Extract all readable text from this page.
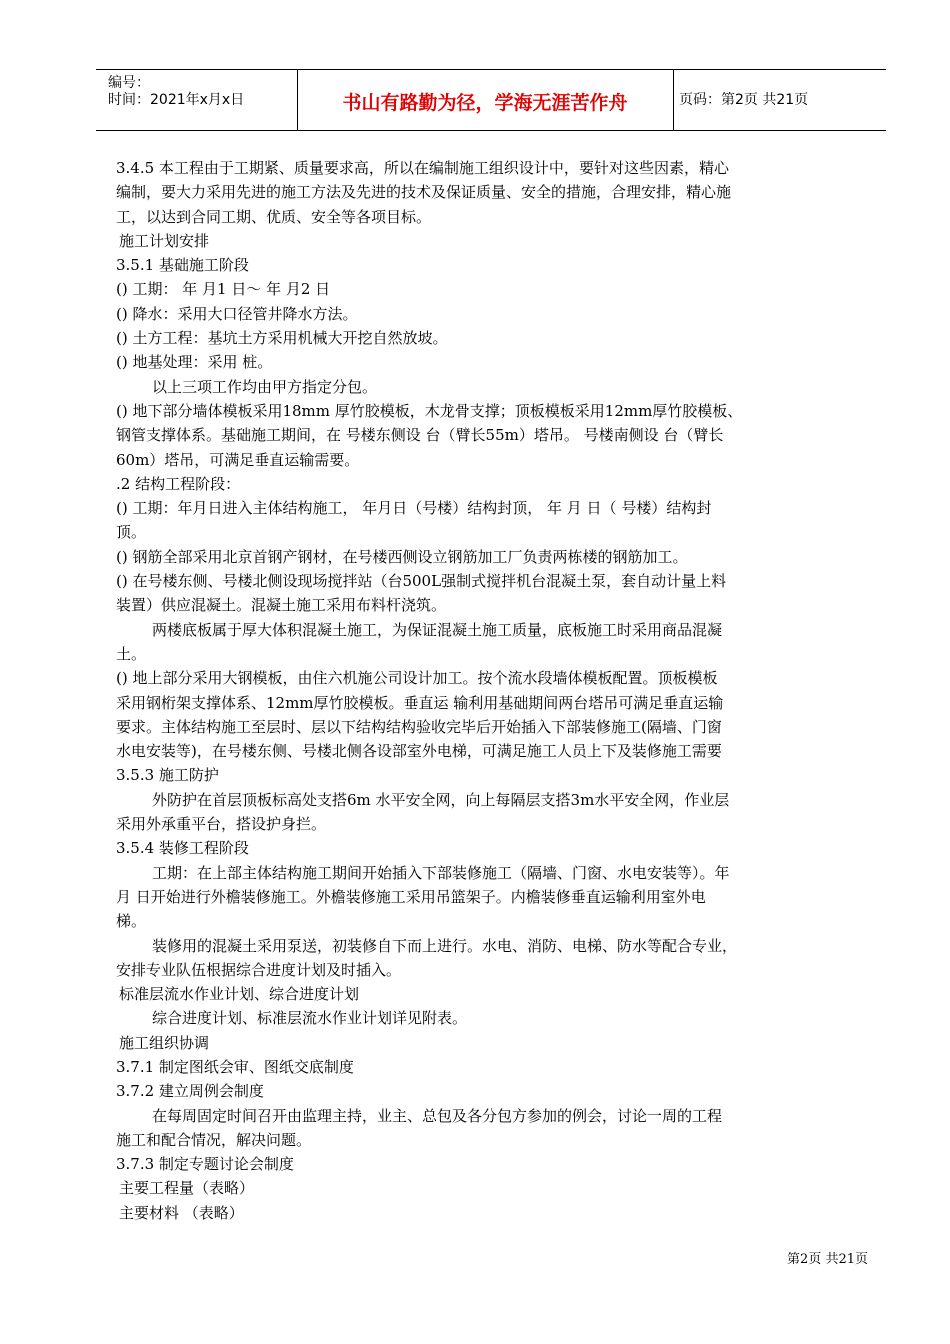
编号：
时间：2021年x月x日	书山有路勤为径，学海无涯苦作舟	页码：第2页 共21页

3.4.5 本工程由于工期紧、质量要求高，所以在编制施工组织设计中，要针对这些因素，精心

编制，要大力采用先进的施工方法及先进的技术及保证质量、安全的措施，合理安排，精心施

工，以达到合同工期、优质、安全等各项目标。

施工计划安排

3.5.1 基础施工阶段

() 工期： 年 月1 日～ 年 月2 日

() 降水：采用大口径管井降水方法。

() 土方工程：基坑土方采用机械大开挖自然放坡。

() 地基处理：采用 桩。

以上三项工作均由甲方指定分包。

() 地下部分墙体模板采用18mm 厚竹胶模板，木龙骨支撑；顶板模板采用12mm厚竹胶模板、

钢管支撑体系。基础施工期间，在 号楼东侧设 台（臂长55m）塔吊。 号楼南侧设 台（臂长

60m）塔吊，可满足垂直运输需要。

.2 结构工程阶段：

() 工期：年月日进入主体结构施工， 年月日（号楼）结构封顶， 年 月 日（ 号楼）结构封

顶。

() 钢筋全部采用北京首钢产钢材，在号楼西侧设立钢筋加工厂负责两栋楼的钢筋加工。

() 在号楼东侧、号楼北侧设现场搅拌站（台500L强制式搅拌机台混凝土泵，套自动计量上料

装置）供应混凝土。混凝土施工采用布料杆浇筑。

两楼底板属于厚大体积混凝土施工，为保证混凝土施工质量，底板施工时采用商品混凝

土。

() 地上部分采用大钢模板，由住六机施公司设计加工。按个流水段墙体模板配置。顶板模板

采用钢桁架支撑体系、12mm厚竹胶模板。垂直运 输利用基础期间两台塔吊可满足垂直运输

要求。主体结构施工至层时、层以下结构结构验收完毕后开始插入下部装修施工(隔墙、门窗

水电安装等)，在号楼东侧、号楼北侧各设部室外电梯，可满足施工人员上下及装修施工需要

3.5.3 施工防护

外防护在首层顶板标高处支搭6m 水平安全网，向上每隔层支搭3m水平安全网，作业层

采用外承重平台，搭设护身拦。

3.5.4 装修工程阶段

工期：在上部主体结构施工期间开始插入下部装修施工（隔墙、门窗、水电安装等）。年

月 日开始进行外檐装修施工。外檐装修施工采用吊篮架子。内檐装修垂直运输利用室外电

梯。

装修用的混凝土采用泵送，初装修自下而上进行。水电、消防、电梯、防水等配合专业，

安排专业队伍根据综合进度计划及时插入。

标准层流水作业计划、综合进度计划

综合进度计划、标准层流水作业计划详见附表。

施工组织协调

3.7.1 制定图纸会审、图纸交底制度

3.7.2 建立周例会制度

在每周固定时间召开由监理主持，业主、总包及各分包方参加的例会，讨论一周的工程

施工和配合情况，解决问题。

3.7.3 制定专题讨论会制度

主要工程量（表略）

主要材料 （表略）

第2页 共21页
